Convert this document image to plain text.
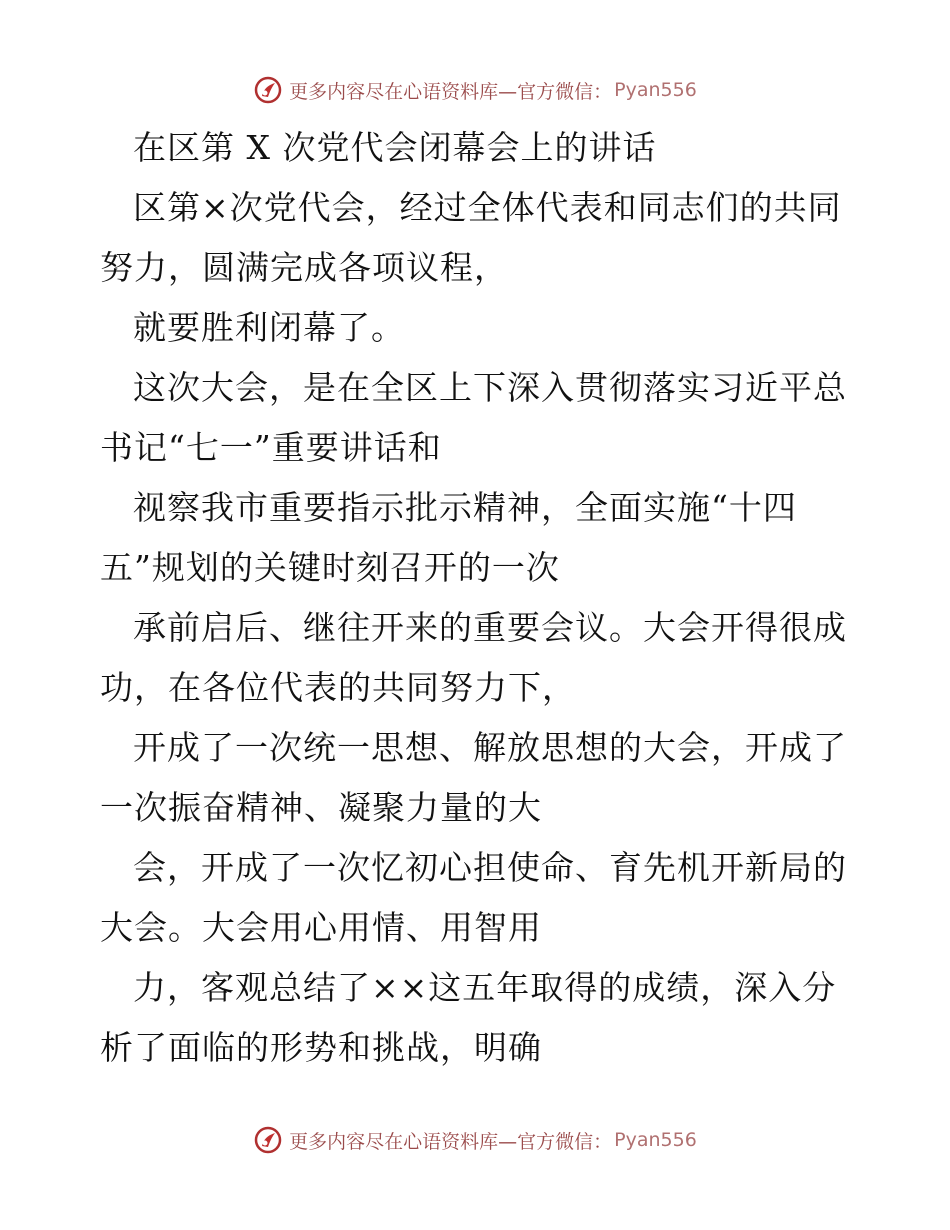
更多内容尽在心语资料库—官方微信： Pyan556
在区第 X 次党代会闭幕会上的讲话
区第×次党代会，经过全体代表和同志们的共同
努力，圆满完成各项议程，
就要胜利闭幕了。
这次大会，是在全区上下深入贯彻落实习近平总
书记“七一”重要讲话和
视察我市重要指示批示精神，全面实施“十四
五”规划的关键时刻召开的一次
承前启后、继往开来的重要会议。大会开得很成
功，在各位代表的共同努力下，
开成了一次统一思想、解放思想的大会，开成了
一次振奋精神、凝聚力量的大
会，开成了一次忆初心担使命、育先机开新局的
大会。大会用心用情、用智用
力，客观总结了××这五年取得的成绩，深入分
析了面临的形势和挑战，明确
更多内容尽在心语资料库—官方微信： Pyan556
